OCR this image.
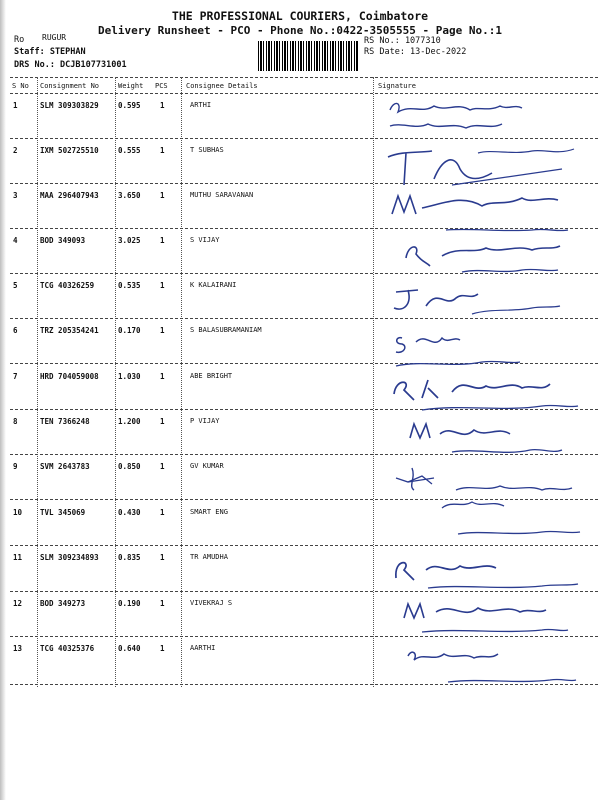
THE PROFESSIONAL COURIERS, Coimbatore
Delivery Runsheet - PCO - Phone No.:0422-3505555 - Page No.:1
Ro RUGUR
Staff: STEPHAN
DRS No.: DCJB107731001
RS No.: 1077310
RS Date: 13-Dec-2022
S No Consignment No	Weight PCS	Consignee Details	Signature
1	SLM 309303829	0.595	1	ARTHI
2	IXM 502725510	0.555	1	T SUBHAS
3	MAA 296407943	3.650	1	MUTHU SARAVANAN
4	BOD 349093	3.025	1	S VIJAY
5	TCG 40326259	0.535	1	K KALAIRANI
6	TRZ 205354241	0.170	1	S BALASUBRAMANIAM
7	HRD 704059008	1.030	1	ABE BRIGHT
8	TEN 7366248	1.200	1	P VIJAY
9	SVM 2643783	0.850	1	GV KUMAR
10 TVL 345069	0.430	1	SMART ENG
11 SLM 309234893	0.835	1	TR AMUDHA
12 BOD 349273	0.190	1	VIVEKRAJ S
13 TCG 40325376	0.640	1	AARTHI
